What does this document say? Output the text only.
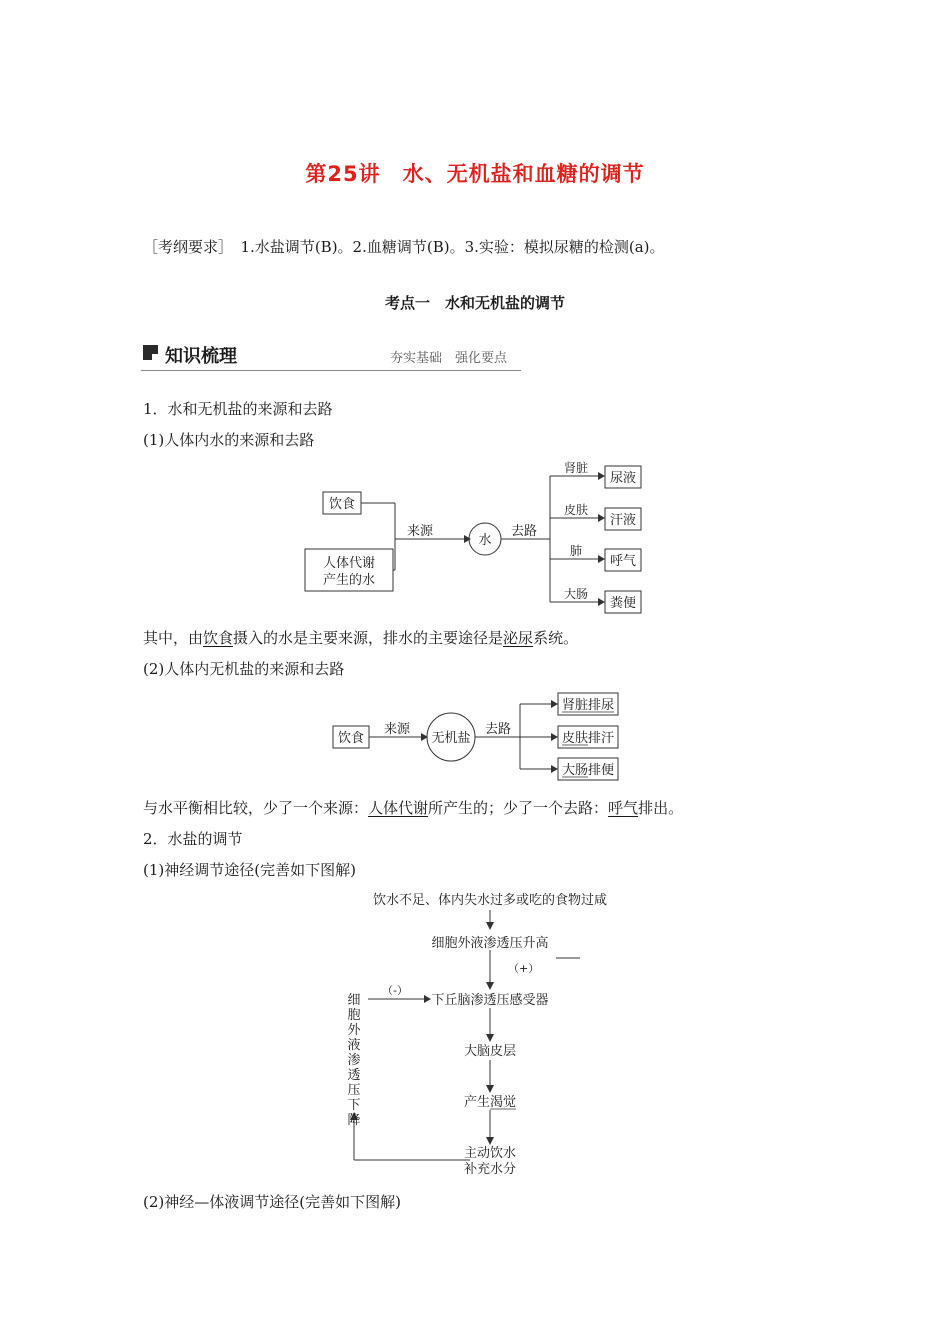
第25讲　水、无机盐和血糖的调节
［考纲要求］　1.水盐调节(B)。2.血糖调节(B)。3.实验：模拟尿糖的检测(a)。
考点一　水和无机盐的调节
知识梳理	夯实基础　强化要点
1．水和无机盐的来源和去路
(1)人体内水的来源和去路
饮食
人体代谢
产生的水
来源
水
去路
肾脏
皮肤
肺
大肠
尿液
汗液
呼气
粪便
其中，由饮食摄入的水是主要来源，排水的主要途径是泌尿系统。
(2)人体内无机盐的来源和去路
饮食
来源
无机盐
去路
肾脏排尿
皮肤排汗
大肠排便
与水平衡相比较，少了一个来源：人体代谢所产生的；少了一个去路：呼气排出。
2．水盐的调节
(1)神经调节途径(完善如下图解)
饮水不足、体内失水过多或吃的食物过咸
细胞外液渗透压升高
（+）
（-）
下丘脑渗透压感受器
大脑皮层
产生渴觉
主动饮水
补充水分
细
胞
外
液
渗
透
压
下
降
(2)神经—体液调节途径(完善如下图解)
